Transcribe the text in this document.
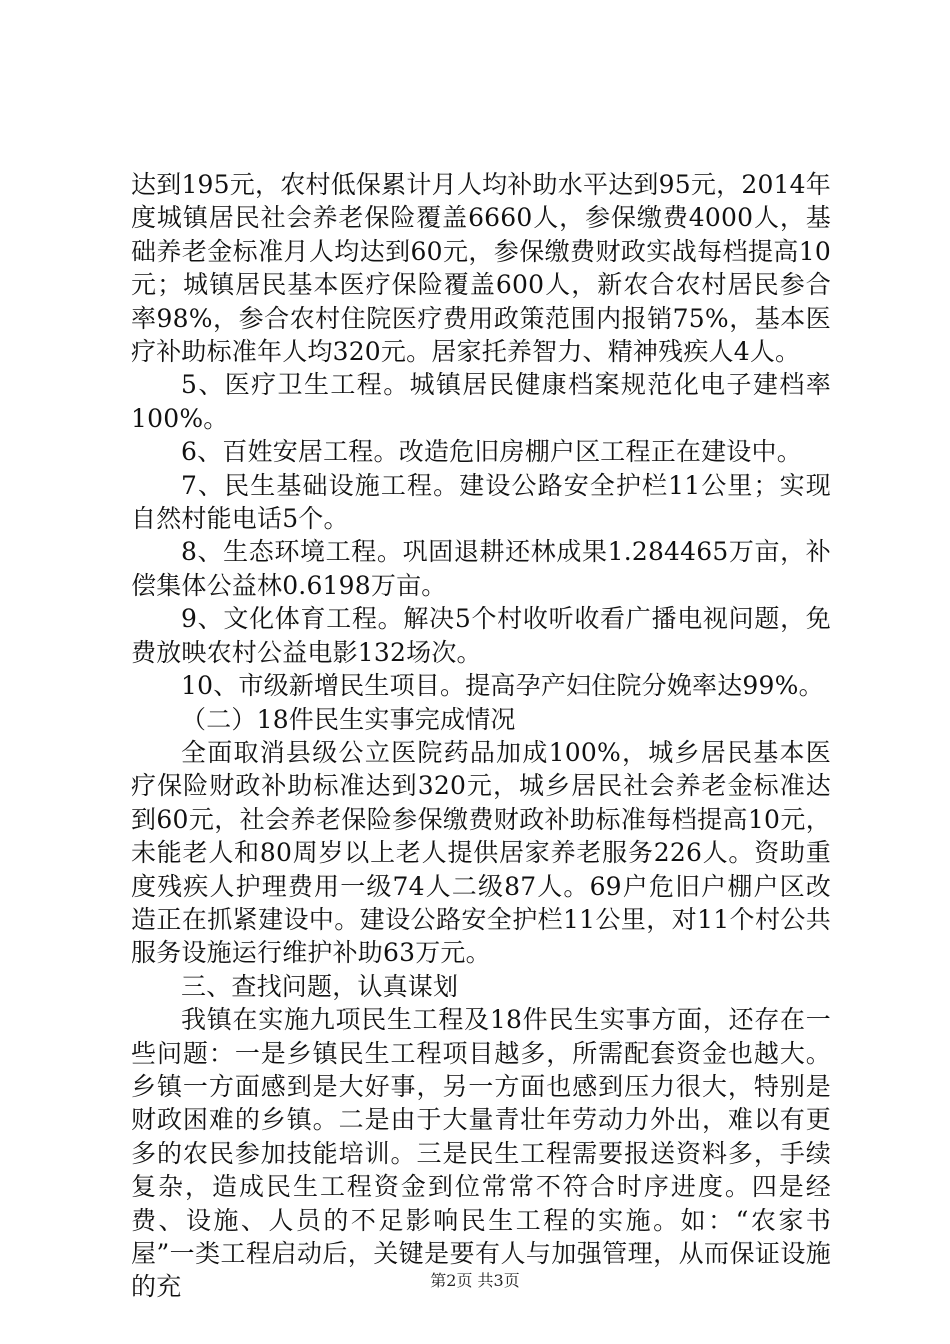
达到195元，农村低保累计月人均补助水平达到95元，2014年度城镇居民社会养老保险覆盖6660人，参保缴费4000人，基础养老金标准月人均达到60元，参保缴费财政实战每档提高10元；城镇居民基本医疗保险覆盖600人，新农合农村居民参合率98%，参合农村住院医疗费用政策范围内报销75%，基本医疗补助标准年人均320元。居家托养智力、精神残疾人4人。

5、医疗卫生工程。城镇居民健康档案规范化电子建档率100%。

6、百姓安居工程。改造危旧房棚户区工程正在建设中。

7、民生基础设施工程。建设公路安全护栏11公里；实现自然村能电话5个。

8、生态环境工程。巩固退耕还林成果1.284465万亩，补偿集体公益林0.6198万亩。

9、文化体育工程。解决5个村收听收看广播电视问题，免费放映农村公益电影132场次。

10、市级新增民生项目。提高孕产妇住院分娩率达99%。

（二）18件民生实事完成情况

全面取消县级公立医院药品加成100%，城乡居民基本医疗保险财政补助标准达到320元，城乡居民社会养老金标准达到60元，社会养老保险参保缴费财政补助标准每档提高10元，未能老人和80周岁以上老人提供居家养老服务226人。资助重度残疾人护理费用一级74人二级87人。69户危旧户棚户区改造正在抓紧建设中。建设公路安全护栏11公里，对11个村公共服务设施运行维护补助63万元。

三、查找问题，认真谋划

我镇在实施九项民生工程及18件民生实事方面，还存在一些问题：一是乡镇民生工程项目越多，所需配套资金也越大。乡镇一方面感到是大好事，另一方面也感到压力很大，特别是财政困难的乡镇。二是由于大量青壮年劳动力外出，难以有更多的农民参加技能培训。三是民生工程需要报送资料多，手续复杂，造成民生工程资金到位常常不符合时序进度。四是经费、设施、人员的不足影响民生工程的实施。如：“农家书屋”一类工程启动后，关键是要有人与加强管理，从而保证设施的充	第2页 共3页
